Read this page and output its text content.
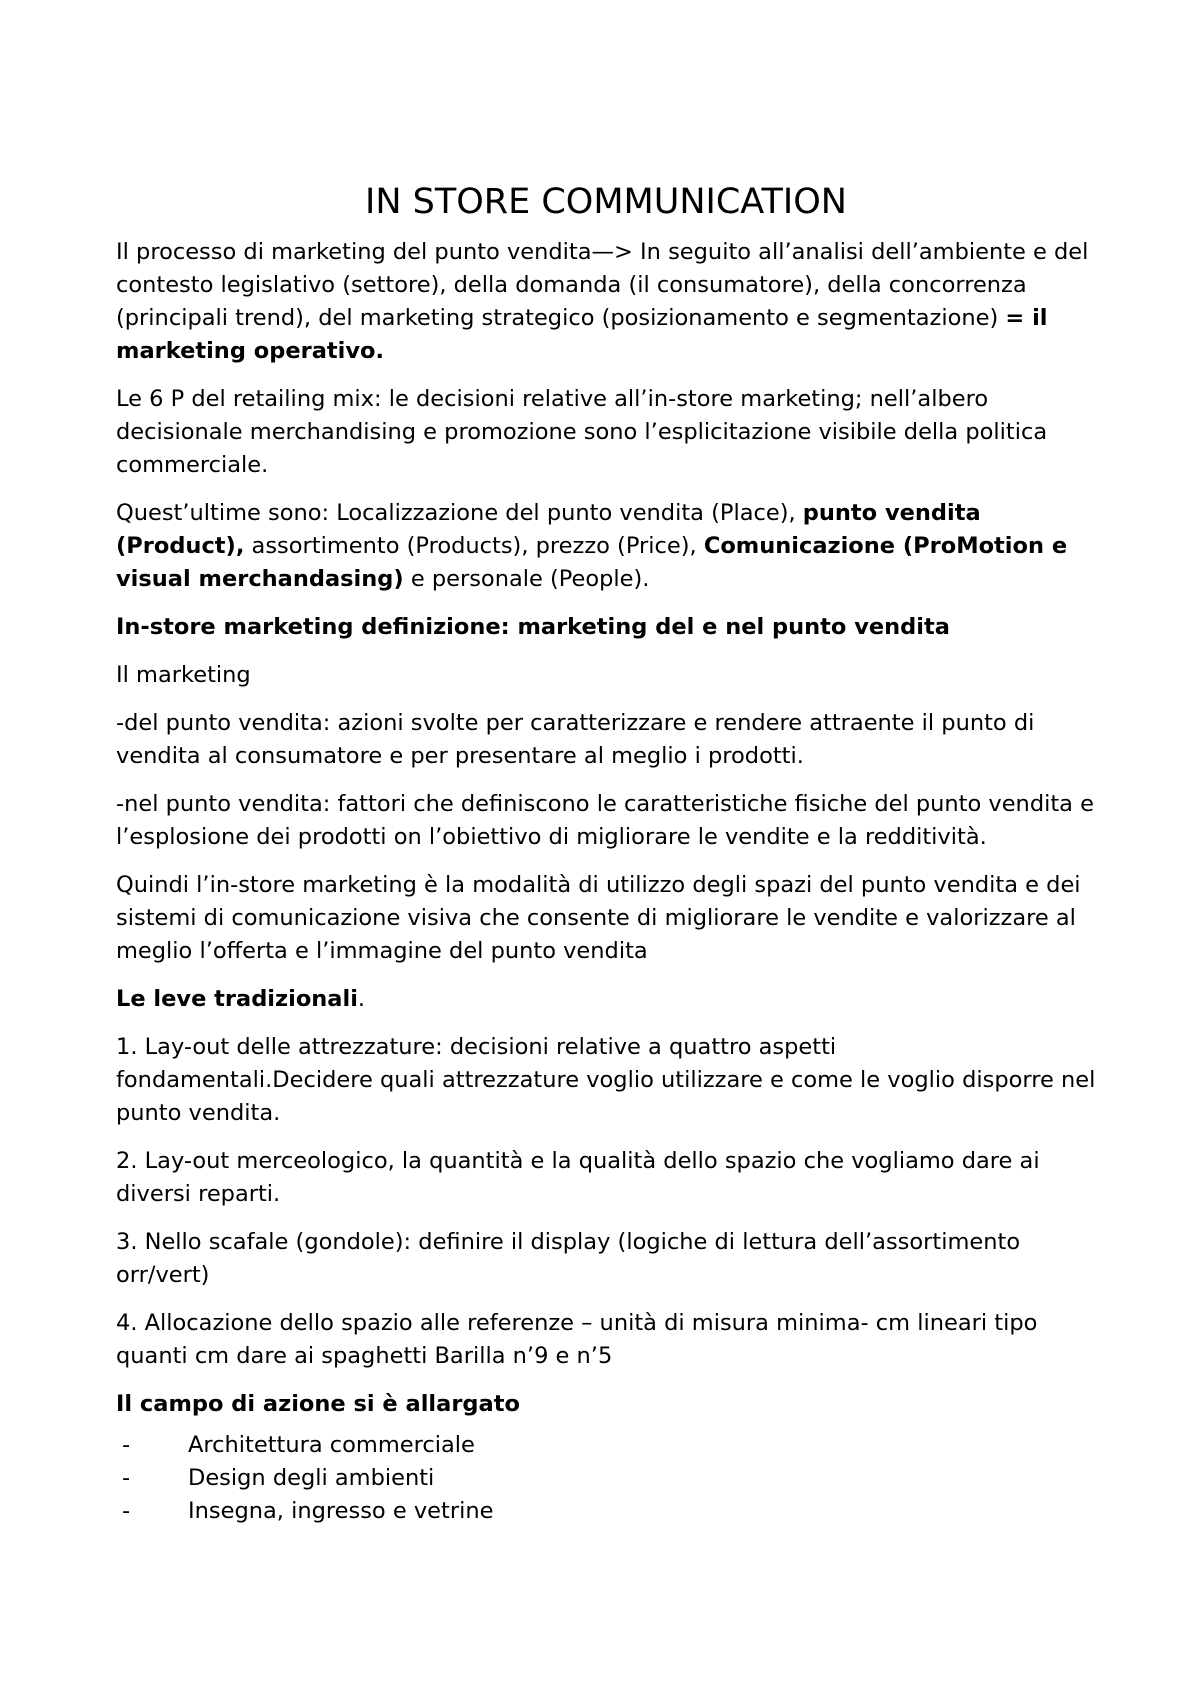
IN STORE COMMUNICATION

Il processo di marketing del punto vendita—> In seguito all’analisi dell’ambiente e del contesto legislativo (settore), della domanda (il consumatore), della concorrenza (principali trend), del marketing strategico (posizionamento e segmentazione) = il marketing operativo.

Le 6 P del retailing mix: le decisioni relative all’in-store marketing; nell’albero decisionale merchandising e promozione sono l’esplicitazione visibile della politica commerciale.

Quest’ultime sono: Localizzazione del punto vendita (Place), punto vendita (Product), assortimento (Products), prezzo (Price), Comunicazione (ProMotion e visual merchandasing) e personale (People).

In-store marketing definizione: marketing del e nel punto vendita

Il marketing

-del punto vendita: azioni svolte per caratterizzare e rendere attraente il punto di vendita al consumatore e per presentare al meglio i prodotti.

-nel punto vendita: fattori che definiscono le caratteristiche fisiche del punto vendita e l’esplosione dei prodotti on l’obiettivo di migliorare le vendite e la redditività.

Quindi l’in-store marketing è la modalità di utilizzo degli spazi del punto vendita e dei sistemi di comunicazione visiva che consente di migliorare le vendite e valorizzare al meglio l’offerta e l’immagine del punto vendita

Le leve tradizionali.

1. Lay-out delle attrezzature: decisioni relative a quattro aspetti fondamentali.Decidere quali attrezzature voglio utilizzare e come le voglio disporre nel punto vendita.

2. Lay-out merceologico, la quantità e la qualità dello spazio che vogliamo dare ai diversi reparti.

3. Nello scafale (gondole): definire il display (logiche di lettura dell’assortimento orr/vert)

4. Allocazione dello spazio alle referenze – unità di misura minima- cm lineari tipo quanti cm dare ai spaghetti Barilla n’9 e n’5

Il campo di azione si è allargato

-	Architettura commerciale
-	Design degli ambienti
-	Insegna, ingresso e vetrine
